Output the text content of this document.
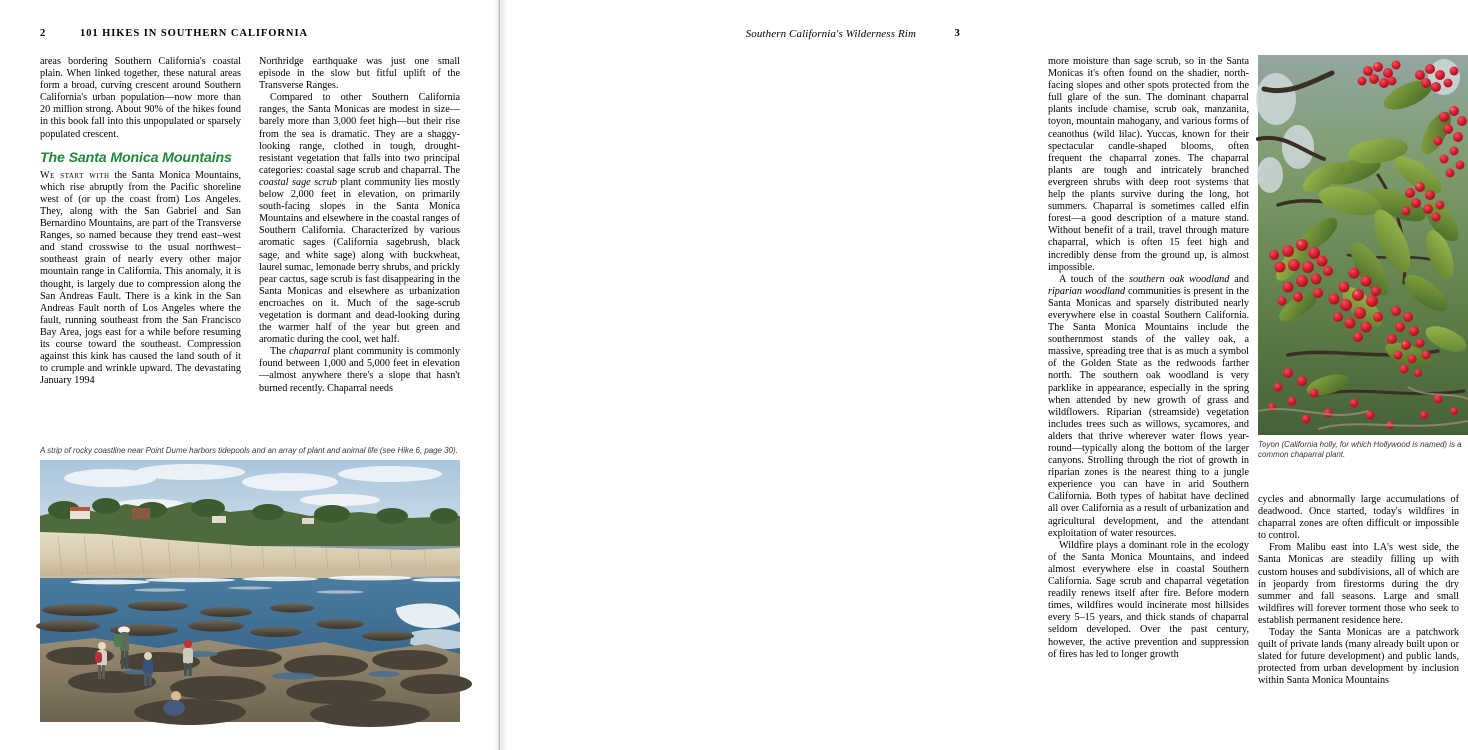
2	101 HIKES IN SOUTHERN CALIFORNIA

areas bordering Southern California's coastal plain. When linked together, these natural areas form a broad, curving crescent around Southern California's urban population—now more than 20 million strong. About 90% of the hikes found in this book fall into this unpopulated or sparsely populated crescent.

The Santa Monica Mountains

We start with the Santa Monica Mountains, which rise abruptly from the Pacific shoreline west of (or up the coast from) Los Angeles. They, along with the San Gabriel and San Bernardino Mountains, are part of the Transverse Ranges, so named because they trend east–west and stand crosswise to the usual northwest–southeast grain of nearly every other major mountain range in California. This anomaly, it is thought, is largely due to compression along the San Andreas Fault. There is a kink in the San Andreas Fault north of Los Angeles where the fault, running southeast from the San Francisco Bay Area, jogs east for a while before resuming its course toward the southeast. Compression against this kink has caused the land south of it to crumple and wrinkle upward. The devastating January 1994

Northridge earthquake was just one small episode in the slow but fitful uplift of the Transverse Ranges.

Compared to other Southern California ranges, the Santa Monicas are modest in size—barely more than 3,000 feet high—but their rise from the sea is dramatic. They are a shaggy-looking range, clothed in tough, drought-resistant vegetation that falls into two principal categories: coastal sage scrub and chaparral. The coastal sage scrub plant community lies mostly below 2,000 feet in elevation, on primarily south-facing slopes in the Santa Monica Mountains and elsewhere in the coastal ranges of Southern California. Characterized by various aromatic sages (California sagebrush, black sage, and white sage) along with buckwheat, laurel sumac, lemonade berry shrubs, and prickly pear cactus, sage scrub is fast disappearing in the Santa Monicas and elsewhere as urbanization encroaches on it. Much of the sage-scrub vegetation is dormant and dead-looking during the warmer half of the year but green and aromatic during the cool, wet half.

The chaparral plant community is commonly found between 1,000 and 5,000 feet in elevation—almost anywhere there's a slope that hasn't burned recently. Chaparral needs

A strip of rocky coastline near Point Dume harbors tidepools and an array of plant and animal life (see Hike 6, page 30).
Southern California's Wilderness Rim	3

more moisture than sage scrub, so in the Santa Monicas it's often found on the shadier, north-facing slopes and other spots protected from the full glare of the sun. The dominant chaparral plants include chamise, scrub oak, manzanita, toyon, mountain mahogany, and various forms of ceanothus (wild lilac). Yuccas, known for their spectacular candle-shaped blooms, often frequent the chaparral zones. The chaparral plants are tough and intricately branched evergreen shrubs with deep root systems that help the plants survive during the long, hot summers. Chaparral is sometimes called elfin forest—a good description of a mature stand. Without benefit of a trail, travel through mature chaparral, which is often 15 feet high and incredibly dense from the ground up, is almost impossible.

A touch of the southern oak woodland and riparian woodland communities is present in the Santa Monicas and sparsely distributed nearly everywhere else in coastal Southern California. The Santa Monica Mountains include the southernmost stands of the valley oak, a massive, spreading tree that is as much a symbol of the Golden State as the redwoods farther north. The southern oak woodland is very parklike in appearance, especially in the spring when attended by new growth of grass and wildflowers. Riparian (streamside) vegetation includes trees such as willows, sycamores, and alders that thrive wherever water flows year-round—typically along the bottom of the larger canyons. Strolling through the riot of growth in riparian zones is the nearest thing to a jungle experience you can have in arid Southern California. Both types of habitat have declined all over California as a result of urbanization and agricultural development, and the attendant exploitation of water resources.

Wildfire plays a dominant role in the ecology of the Santa Monica Mountains, and indeed almost everywhere else in coastal Southern California. Sage scrub and chaparral vegetation readily renews itself after fire. Before modern times, wildfires would incinerate most hillsides every 5–15 years, and thick stands of chaparral seldom developed. Over the past century, however, the active prevention and suppression of fires has led to longer growth

Toyon (California holly, for which Hollywood is named) is a common chaparral plant.

cycles and abnormally large accumulations of deadwood. Once started, today's wildfires in chaparral zones are often difficult or impossible to control.

From Malibu east into LA's west side, the Santa Monicas are steadily filling up with custom houses and subdivisions, all of which are in jeopardy from firestorms during the dry summer and fall seasons. Large and small wildfires will forever torment those who seek to establish permanent residence here.

Today the Santa Monicas are a patchwork quilt of private lands (many already built upon or slated for future development) and public lands, protected from urban development by inclusion within Santa Monica Mountains
